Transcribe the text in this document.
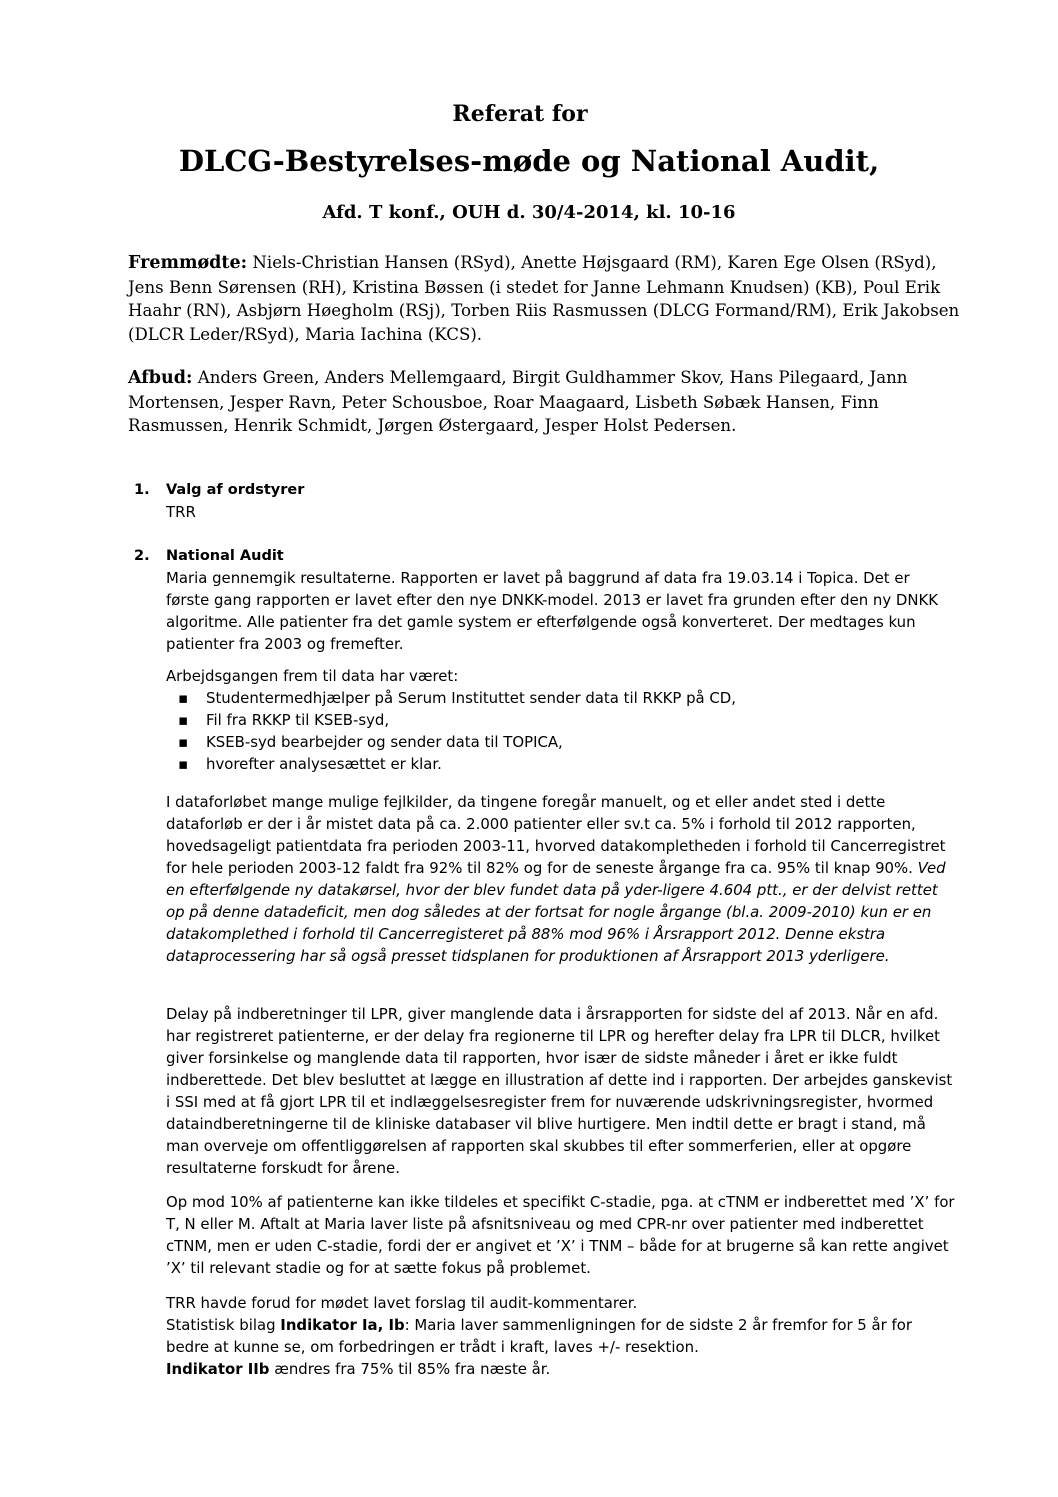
Referat for
DLCG-Bestyrelses-møde og National Audit,
Afd. T konf., OUH d. 30/4-2014, kl. 10-16
Fremmødte: Niels-Christian Hansen (RSyd), Anette Højsgaard (RM), Karen Ege Olsen (RSyd), Jens Benn Sørensen (RH), Kristina Bøssen (i stedet for Janne Lehmann Knudsen) (KB), Poul Erik Haahr (RN), Asbjørn Høegholm (RSj), Torben Riis Rasmussen (DLCG Formand/RM), Erik Jakobsen (DLCR Leder/RSyd), Maria Iachina (KCS).
Afbud: Anders Green, Anders Mellemgaard, Birgit Guldhammer Skov, Hans Pilegaard, Jann Mortensen, Jesper Ravn, Peter Schousboe, Roar Maagaard, Lisbeth Søbæk Hansen, Finn Rasmussen, Henrik Schmidt, Jørgen Østergaard, Jesper Holst Pedersen.
1. Valg af ordstyrer
TRR
2. National Audit
Maria gennemgik resultaterne. Rapporten er lavet på baggrund af data fra 19.03.14 i Topica. Det er første gang rapporten er lavet efter den nye DNKK-model. 2013 er lavet fra grunden efter den ny DNKK algoritme. Alle patienter fra det gamle system er efterfølgende også konverteret. Der medtages kun patienter fra 2003 og fremefter.
Arbejdsgangen frem til data har været:
▪ Studentermedhjælper på Serum Instituttet sender data til RKKP på CD,
▪ Fil fra RKKP til KSEB-syd,
▪ KSEB-syd bearbejder og sender data til TOPICA,
▪ hvorefter analysesættet er klar.
I dataforløbet mange mulige fejlkilder, da tingene foregår manuelt, og et eller andet sted i dette dataforløb er der i år mistet data på ca. 2.000 patienter eller sv.t ca. 5% i forhold til 2012 rapporten, hovedsageligt patientdata fra perioden 2003-11, hvorved datakompletheden i forhold til Cancerregistret for hele perioden 2003-12 faldt fra 92% til 82% og for de seneste årgange fra ca. 95% til knap 90%. Ved en efterfølgende ny datakørsel, hvor der blev fundet data på yder-ligere 4.604 ptt., er der delvist rettet op på denne datadeficit, men dog således at der fortsat for nogle årgange (bl.a. 2009-2010) kun er en datakomplethed i forhold til Cancerregisteret på 88% mod 96% i Årsrapport 2012. Denne ekstra dataprocessering har så også presset tidsplanen for produktionen af Årsrapport 2013 yderligere.
Delay på indberetninger til LPR, giver manglende data i årsrapporten for sidste del af 2013. Når en afd. har registreret patienterne, er der delay fra regionerne til LPR og herefter delay fra LPR til DLCR, hvilket giver forsinkelse og manglende data til rapporten, hvor især de sidste måneder i året er ikke fuldt indberettede. Det blev besluttet at lægge en illustration af dette ind i rapporten. Der arbejdes ganskevist i SSI med at få gjort LPR til et indlæggelsesregister frem for nuværende udskrivningsregister, hvormed dataindberetningerne til de kliniske databaser vil blive hurtigere. Men indtil dette er bragt i stand, må man overveje om offentliggørelsen af rapporten skal skubbes til efter sommerferien, eller at opgøre resultaterne forskudt for årene.
Op mod 10% af patienterne kan ikke tildeles et specifikt C-stadie, pga. at cTNM er indberettet med ’X’ for T, N eller M. Aftalt at Maria laver liste på afsnitsniveau og med CPR-nr over patienter med indberettet cTNM, men er uden C-stadie, fordi der er angivet et ’X’ i TNM – både for at brugerne så kan rette angivet ’X’ til relevant stadie og for at sætte fokus på problemet.
TRR havde forud for mødet lavet forslag til audit-kommentarer.
Statistisk bilag Indikator Ia, Ib: Maria laver sammenligningen for de sidste 2 år fremfor for 5 år for bedre at kunne se, om forbedringen er trådt i kraft, laves +/- resektion.
Indikator IIb ændres fra 75% til 85% fra næste år.
